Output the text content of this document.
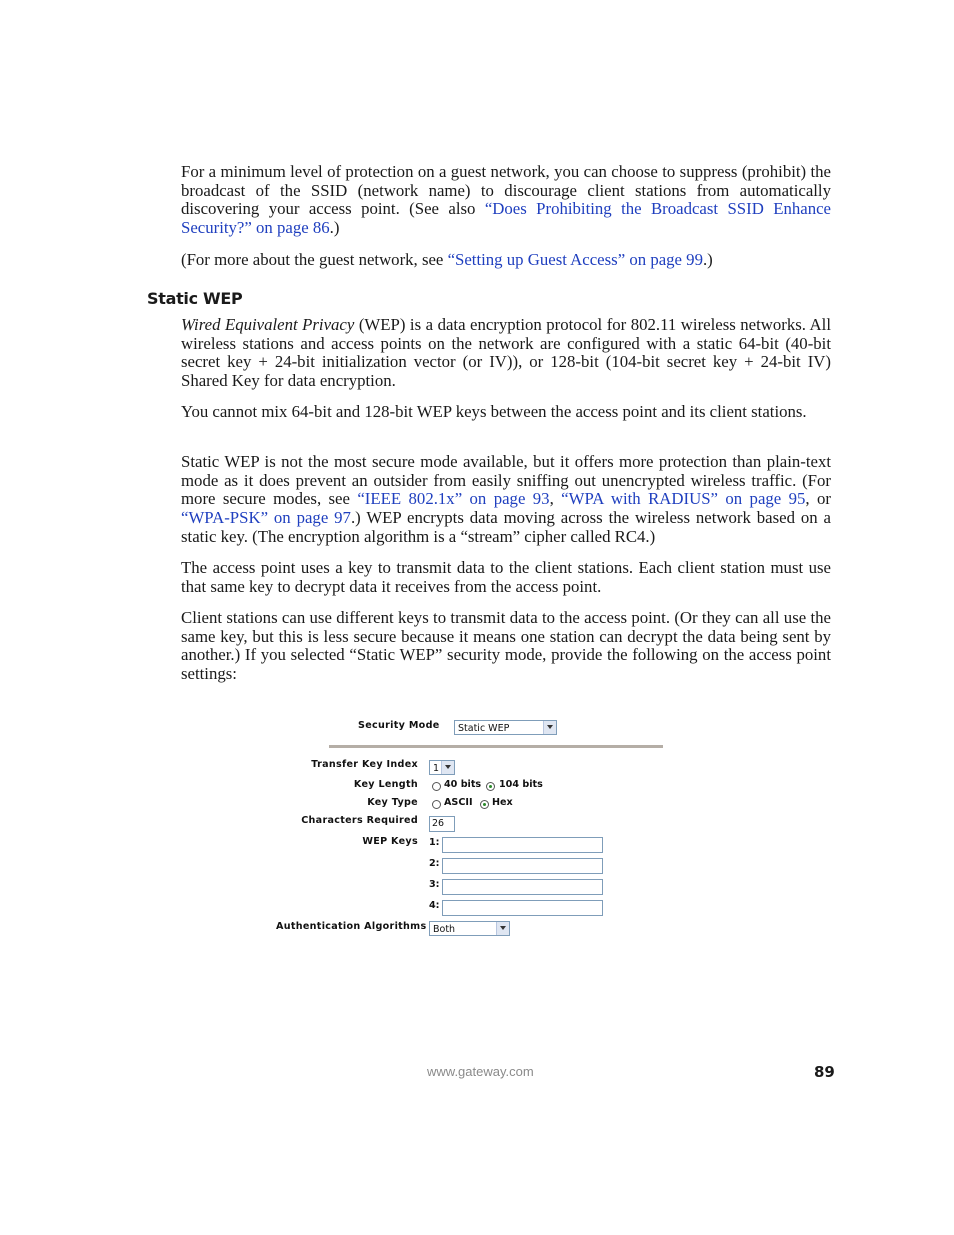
For a minimum level of protection on a guest network, you can choose to suppress (prohibit) the broadcast of the SSID (network name) to discourage client stations from automatically discovering your access point. (See also “Does Prohibiting the Broadcast SSID Enhance Security?” on page 86.)

(For more about the guest network, see “Setting up Guest Access” on page 99.)

Static WEP

Wired Equivalent Privacy (WEP) is a data encryption protocol for 802.11 wireless networks. All wireless stations and access points on the network are configured with a static 64-bit (40-bit secret key + 24-bit initialization vector (or IV)), or 128-bit (104-bit secret key + 24-bit IV) Shared Key for data encryption.

You cannot mix 64-bit and 128-bit WEP keys between the access point and its client stations.

Static WEP is not the most secure mode available, but it offers more protection than plain-text mode as it does prevent an outsider from easily sniffing out unencrypted wireless traffic. (For more secure modes, see “IEEE 802.1x” on page 93, “WPA with RADIUS” on page 95, or “WPA-PSK” on page 97.) WEP encrypts data moving across the wireless network based on a static key. (The encryption algorithm is a “stream” cipher called RC4.)

The access point uses a key to transmit data to the client stations. Each client station must use that same key to decrypt data it receives from the access point.

Client stations can use different keys to transmit data to the access point. (Or they can all use the same key, but this is less secure because it means one station can decrypt the data being sent by another.) If you selected “Static WEP” security mode, provide the following on the access point settings:

Security Mode	Static WEP
Transfer Key Index	1
Key Length	40 bits 104 bits
Key Type	ASCII Hex
Characters Required	26
WEP Keys 1:
2:
3:
4:
Authentication Algorithms Both
www.gateway.com	89
